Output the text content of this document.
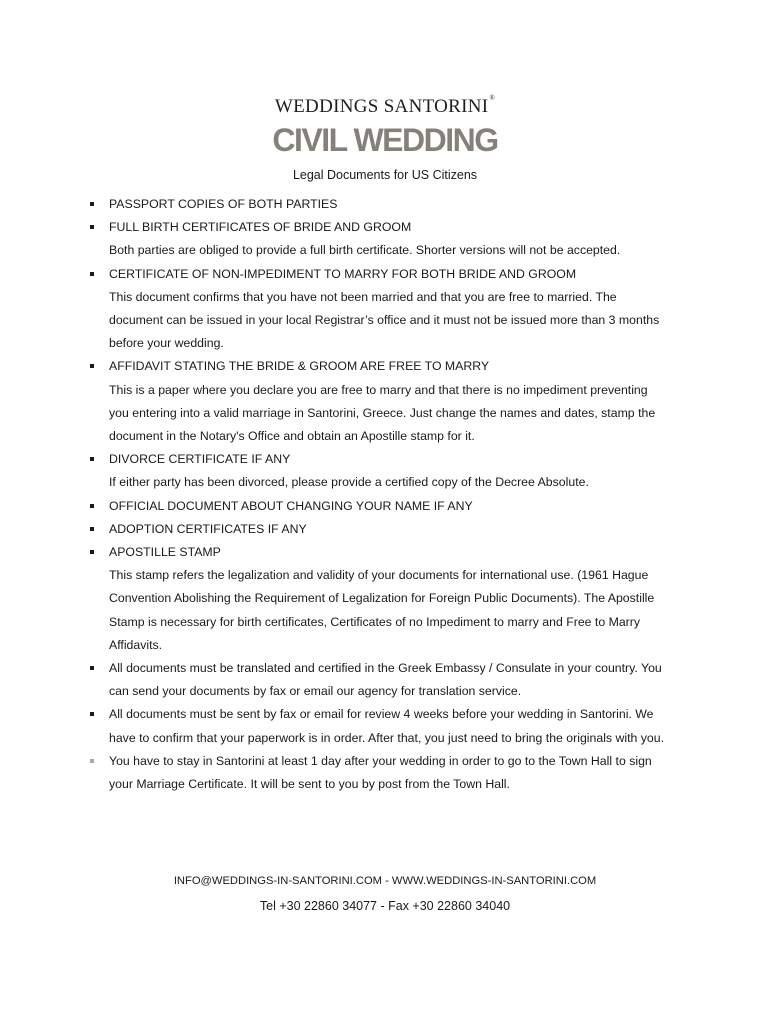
WEDDINGS SANTORINI®
CIVIL WEDDING
Legal Documents for US Citizens
PASSPORT COPIES OF BOTH PARTIES
FULL BIRTH CERTIFICATES OF BRIDE AND GROOM
Both parties are obliged to provide a full birth certificate. Shorter versions will not be accepted.
CERTIFICATE OF NON-IMPEDIMENT TO MARRY FOR BOTH BRIDE AND GROOM
This document confirms that you have not been married and that you are free to married. The
document can be issued in your local Registrar’s office and it must not be issued more than 3 months
before your wedding.
AFFIDAVIT STATING THE BRIDE & GROOM ARE FREE TO MARRY
This is a paper where you declare you are free to marry and that there is no impediment preventing
you entering into a valid marriage in Santorini, Greece. Just change the names and dates, stamp the
document in the Notary's Office and obtain an Apostille stamp for it.
DIVORCE CERTIFICATE IF ANY
If either party has been divorced, please provide a certified copy of the Decree Absolute.
OFFICIAL DOCUMENT ABOUT CHANGING YOUR NAME IF ANY
ADOPTION CERTIFICATES IF ANY
APOSTILLE STAMP
This stamp refers the legalization and validity of your documents for international use. (1961 Hague
Convention Abolishing the Requirement of Legalization for Foreign Public Documents). The Apostille
Stamp is necessary for birth certificates, Certificates of no Impediment to marry and Free to Marry
Affidavits.
All documents must be translated and certified in the Greek Embassy / Consulate in your country. You
can send your documents by fax or email our agency for translation service.
All documents must be sent by fax or email for review 4 weeks before your wedding in Santorini. We
have to confirm that your paperwork is in order. After that, you just need to bring the originals with you.
You have to stay in Santorini at least 1 day after your wedding in order to go to the Town Hall to sign
your Marriage Certificate. It will be sent to you by post from the Town Hall.
INFO@WEDDINGS-IN-SANTORINI.COM - WWW.WEDDINGS-IN-SANTORINI.COM
Tel +30 22860 34077 - Fax +30 22860 34040
